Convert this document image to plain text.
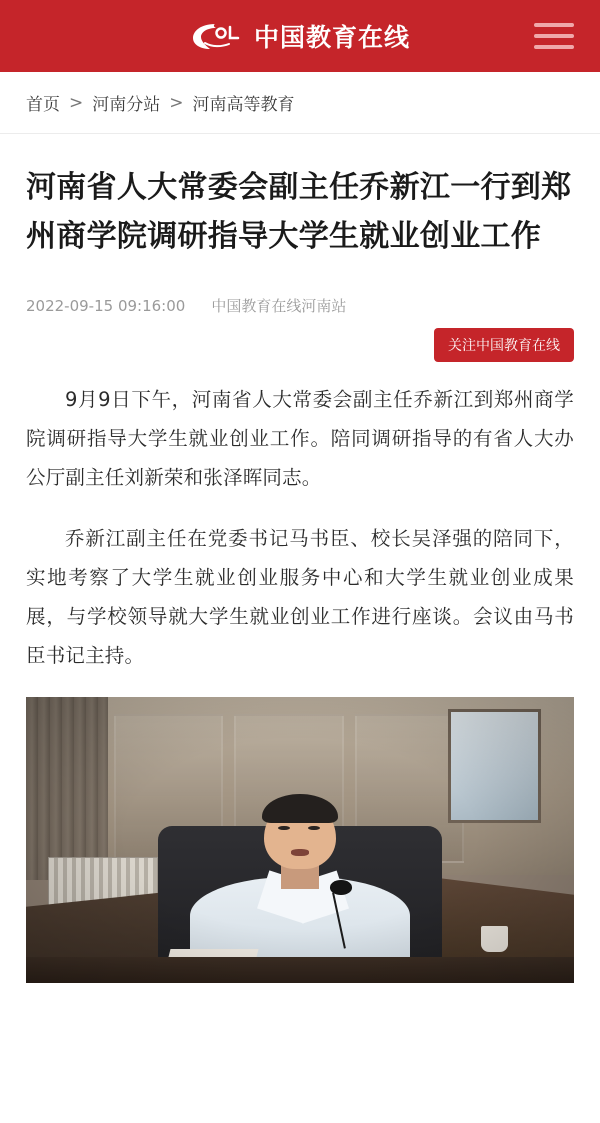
中国教育在线
首页 > 河南分站 > 河南高等教育
河南省人大常委会副主任乔新江一行到郑州商学院调研指导大学生就业创业工作
2022-09-15 09:16:00 中国教育在线河南站
关注中国教育在线

9月9日下午，河南省人大常委会副主任乔新江到郑州商学院调研指导大学生就业创业工作。陪同调研指导的有省人大办公厅副主任刘新荣和张泽晖同志。

乔新江副主任在党委书记马书臣、校长吴泽强的陪同下，实地考察了大学生就业创业服务中心和大学生就业创业成果展，与学校领导就大学生就业创业工作进行座谈。会议由马书臣书记主持。
